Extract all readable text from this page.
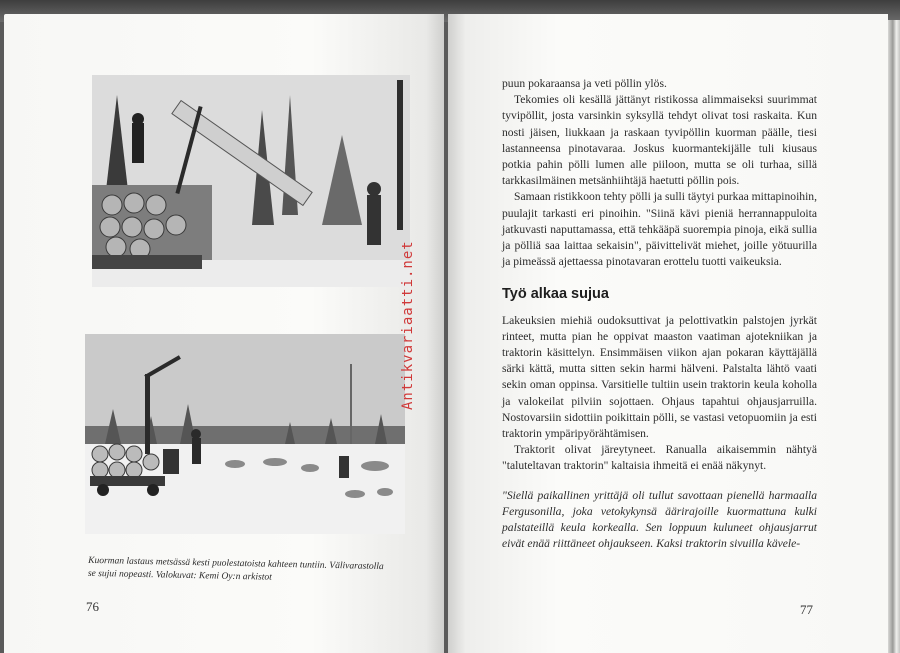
Antikvariaatti.net
Kuorman lastaus metsässä kesti puolestatoista kahteen tuntiin. Välivarastolla se sujui nopeasti. Valokuvat: Kemi Oy:n arkistot
76

puun pokaraansa ja veti pöllin ylös.

Tekomies oli kesällä jättänyt ristikossa alimmaiseksi suurimmat tyvipöllit, josta varsinkin syksyllä tehdyt olivat tosi raskaita. Kun nosti jäisen, liukkaan ja raskaan tyvipöllin kuorman päälle, tiesi lastanneensa pinotavaraa. Joskus kuormantekijälle tuli kiusaus potkia pahin pölli lumen alle piiloon, mutta se oli turhaa, sillä tarkkasilmäinen metsänhiihtäjä haetutti pöllin pois.

Samaan ristikkoon tehty pölli ja sulli täytyi purkaa mittapinoihin, puulajit tarkasti eri pinoihin. "Siinä kävi pieniä herrannappuloita jatkuvasti naputtamassa, että tehkääpä suorempia pinoja, eikä sullia ja pölliä saa laittaa sekaisin", päivittelivät miehet, joille yötuurilla ja pimeässä ajettaessa pinotavaran erottelu tuotti vaikeuksia.

Työ alkaa sujua

Lakeuksien miehiä oudoksuttivat ja pelottivatkin palstojen jyrkät rinteet, mutta pian he oppivat maaston vaatiman ajotekniikan ja traktorin käsittelyn. Ensimmäisen viikon ajan pokaran käyttäjällä särki kättä, mutta sitten sekin harmi hälveni. Palstalta lähtö vaati sekin oman oppinsa. Varsitielle tultiin usein traktorin keula koholla ja valokeilat pilviin sojottaen. Ohjaus tapahtui ohjausjarruilla. Nostovarsiin sidottiin poikittain pölli, se vastasi vetopuomiin ja esti traktorin ympäripyörähtämisen.

Traktorit olivat järeytyneet. Ranualla aikaisemmin nähtyä "taluteltavan traktorin" kaltaisia ihmeitä ei enää näkynyt.

"Siellä paikallinen yrittäjä oli tullut savottaan pienellä harmaalla Fergusonilla, joka vetokykynsä äärirajoille kuormattuna kulki palstateillä keula korkealla. Sen loppuun kuluneet ohjausjarrut eivät enää riittäneet ohjaukseen. Kaksi traktorin sivuilla kävele-

77
